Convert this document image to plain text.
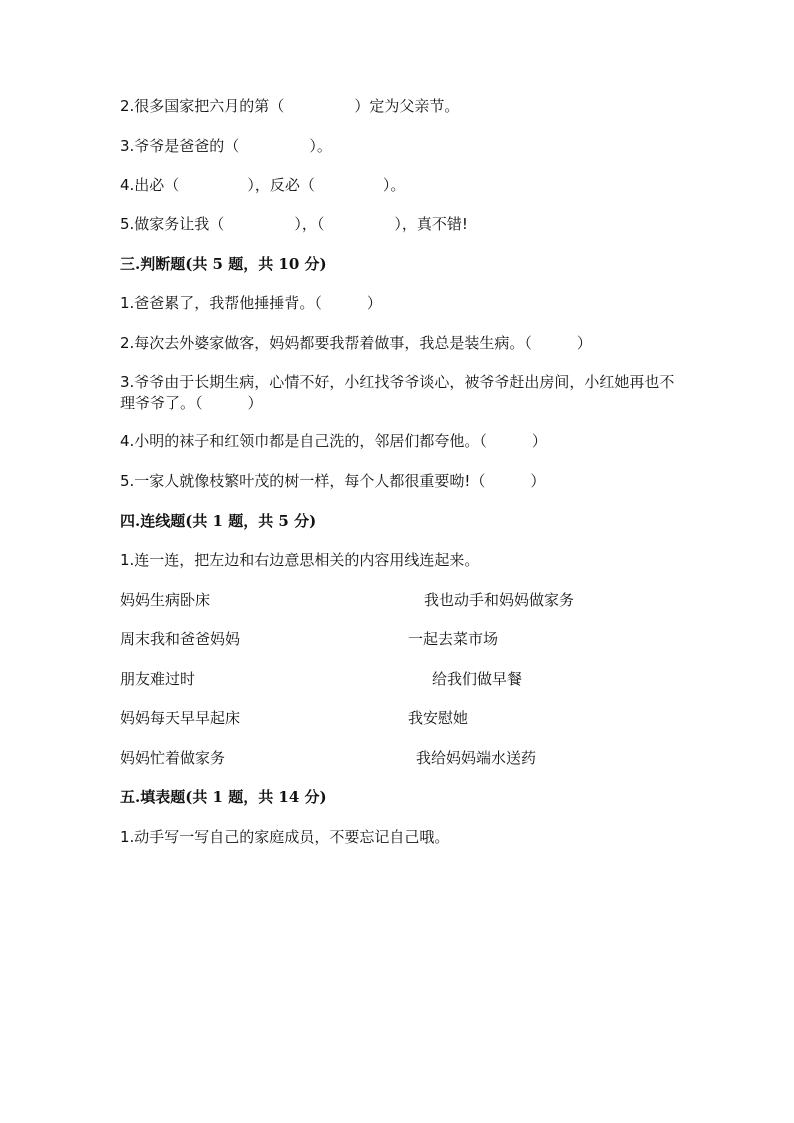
2.很多国家把六月的第（	）定为父亲节。
3.爷爷是爸爸的（	）。
4.出必（	），反必（	）。
5.做家务让我（	），（	），真不错!
三.判断题(共 5 题，共 10 分)
1.爸爸累了，我帮他捶捶背。（　　　）
2.每次去外婆家做客，妈妈都要我帮着做事，我总是装生病。（　　　）
3.爷爷由于长期生病，心情不好，小红找爷爷谈心，被爷爷赶出房间，小红她再也不理爷爷了。（　　　）
4.小明的袜子和红领巾都是自己洗的，邻居们都夸他。（　　　）
5.一家人就像枝繁叶茂的树一样，每个人都很重要呦!（　　　）
四.连线题(共 1 题，共 5 分)
1.连一连，把左边和右边意思相关的内容用线连起来。
妈妈生病卧床	我也动手和妈妈做家务
周末我和爸爸妈妈	一起去菜市场
朋友难过时	给我们做早餐
妈妈每天早早起床	我安慰她
妈妈忙着做家务	我给妈妈端水送药
五.填表题(共 1 题，共 14 分)
1.动手写一写自己的家庭成员，不要忘记自己哦。
